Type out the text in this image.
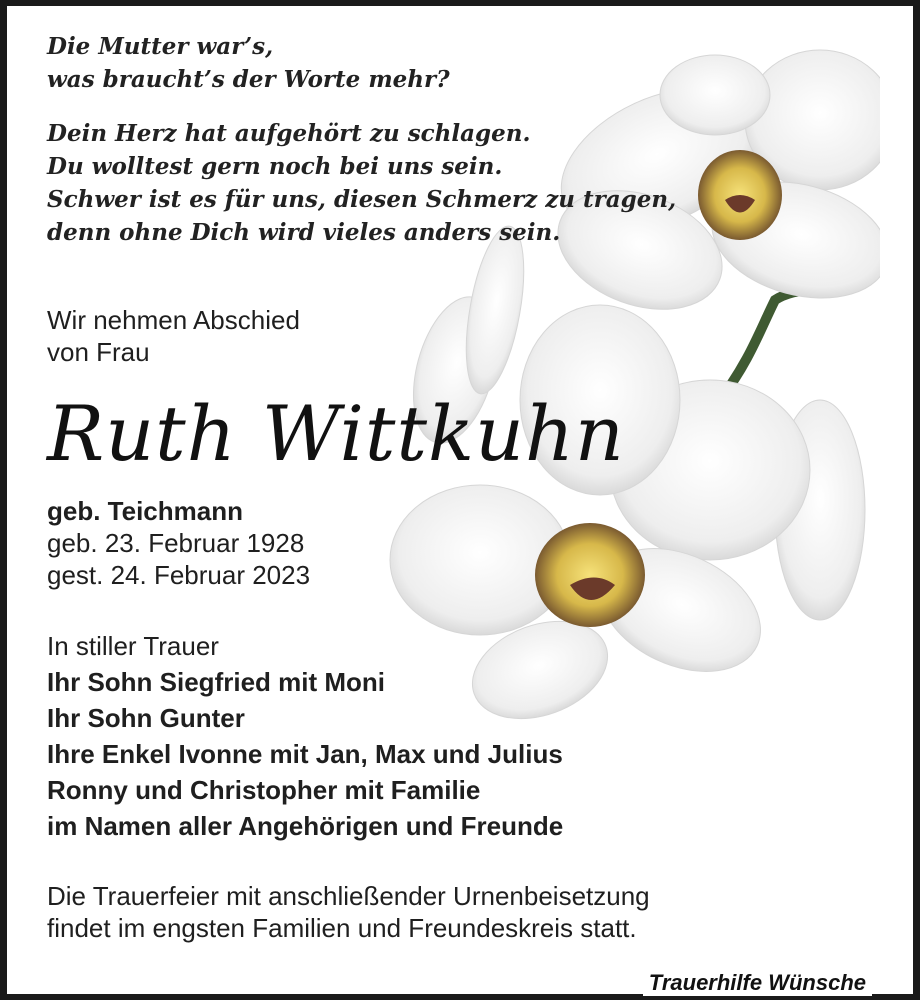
Die Mutter war’s,
was braucht’s der Worte mehr?
Dein Herz hat aufgehört zu schlagen.
Du wolltest gern noch bei uns sein.
Schwer ist es für uns, diesen Schmerz zu tragen,
denn ohne Dich wird vieles anders sein.
Wir nehmen Abschied
von Frau
Ruth Wittkuhn
geb. Teichmann
geb. 23. Februar 1928
gest. 24. Februar 2023
In stiller Trauer
Ihr Sohn Siegfried mit Moni
Ihr Sohn Gunter
Ihre Enkel Ivonne mit Jan, Max und Julius
Ronny und Christopher mit Familie
im Namen aller Angehörigen und Freunde
Die Trauerfeier mit anschließender Urnenbeisetzung
findet im engsten Familien und Freundeskreis statt.
Trauerhilfe Wünsche
